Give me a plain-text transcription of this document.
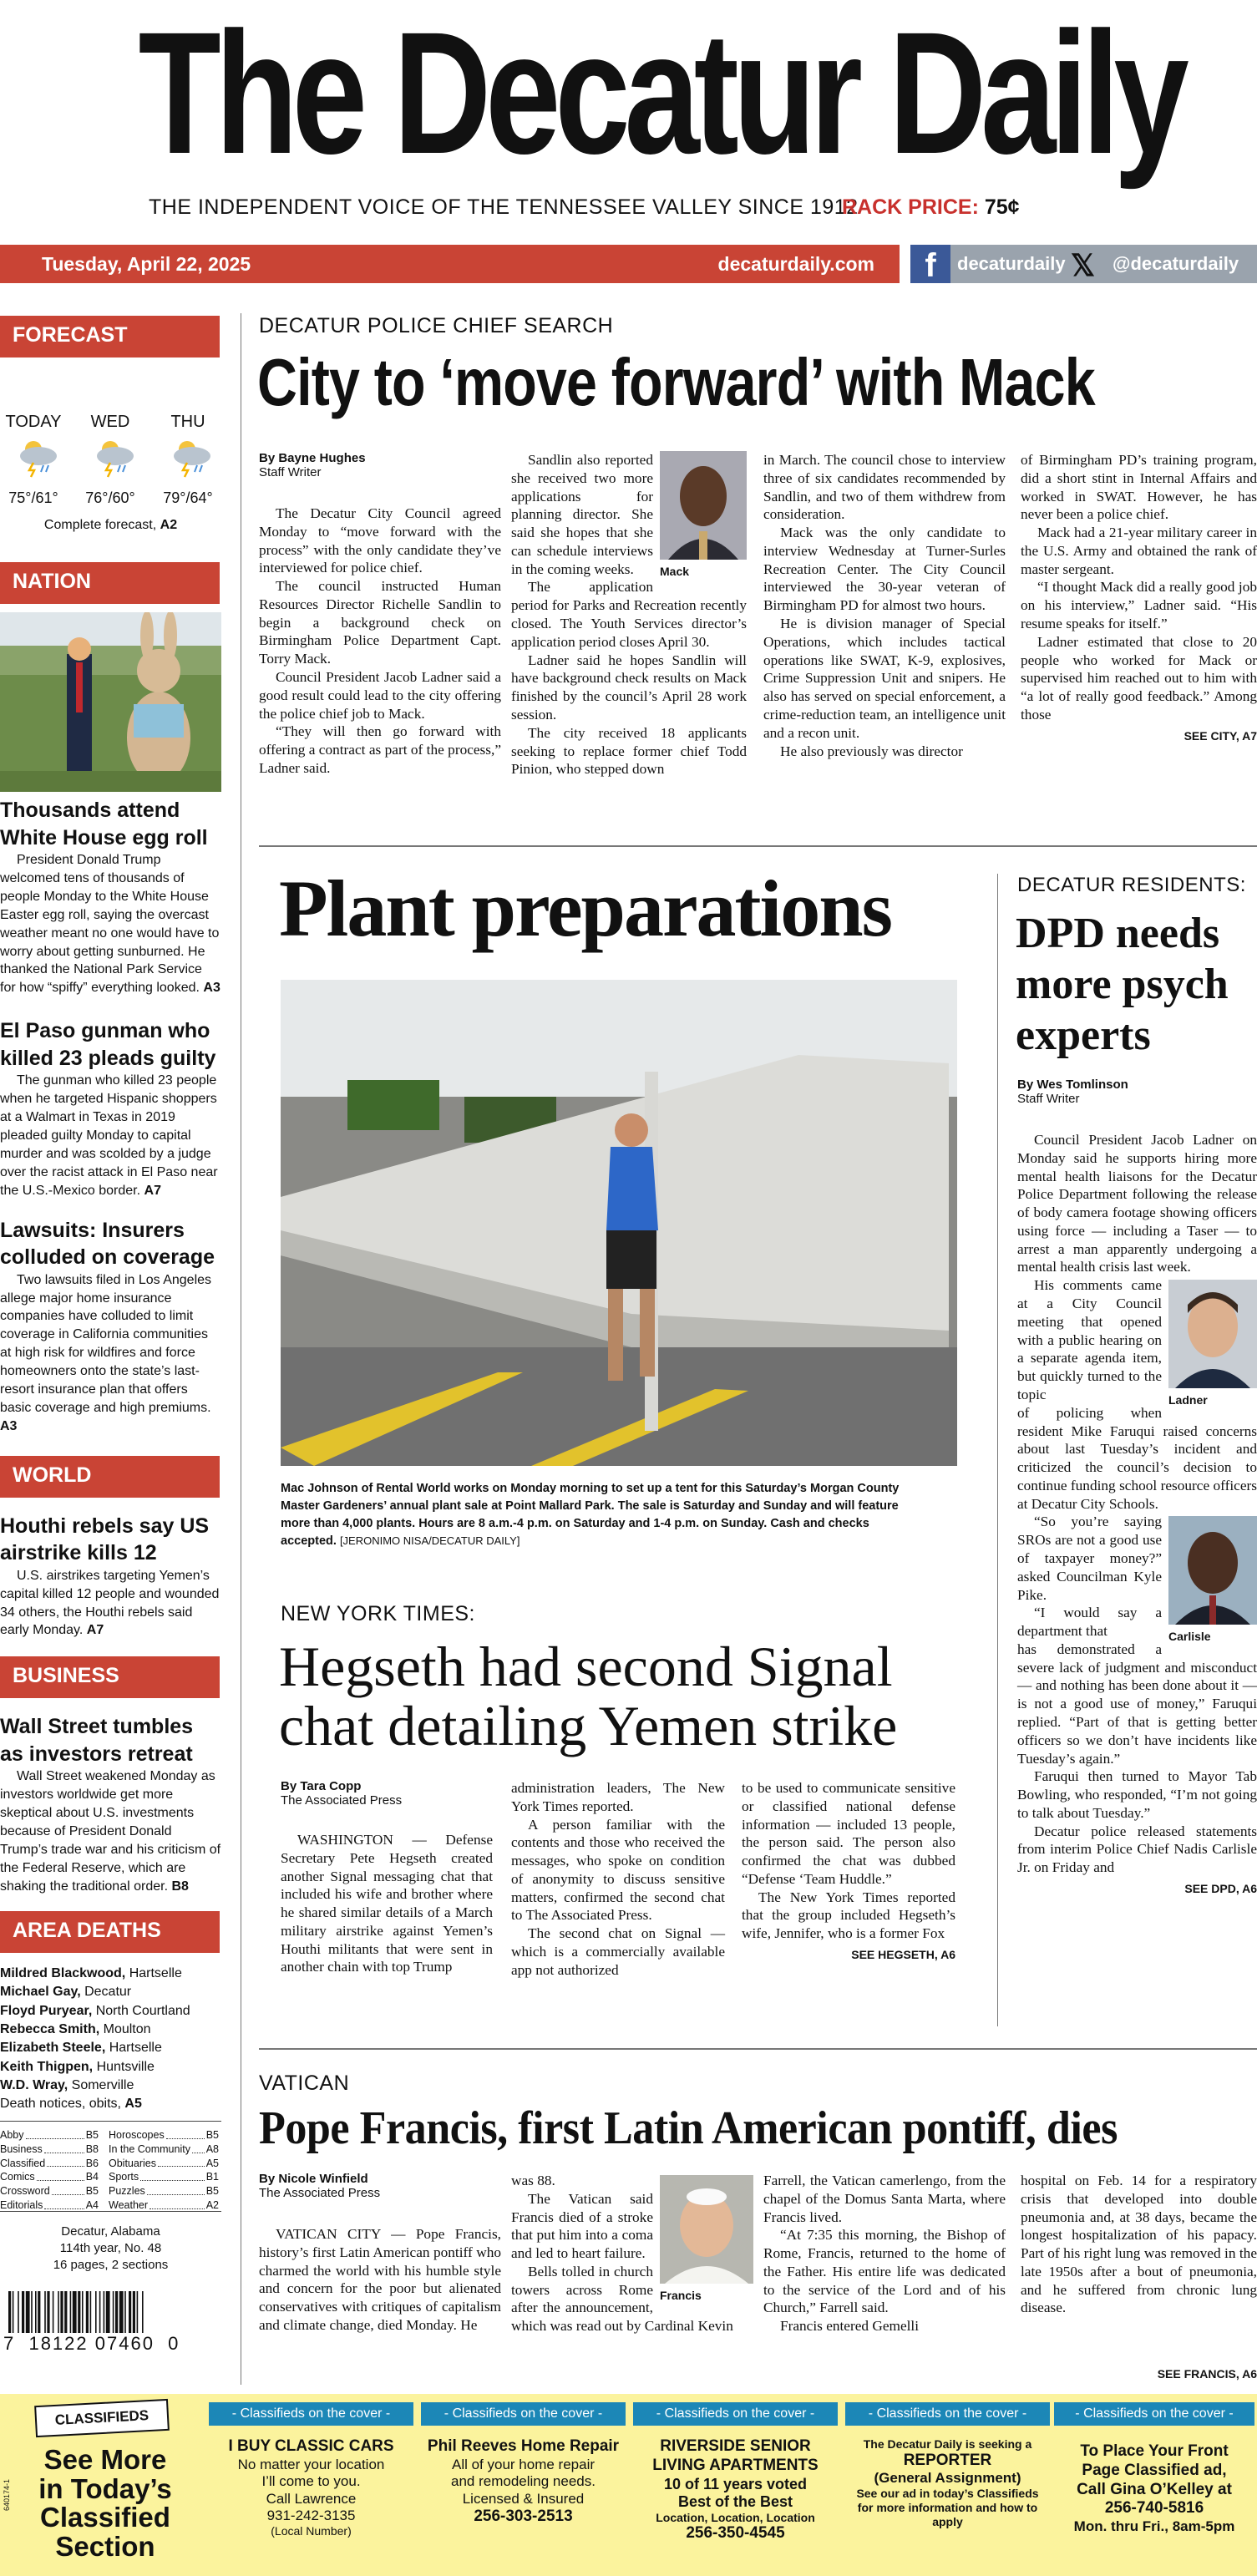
The Decatur Daily
THE INDEPENDENT VOICE OF THE TENNESSEE VALLEY SINCE 1912
RACK PRICE: 75¢
Tuesday, April 22, 2025	decaturdaily.com	f	decaturdaily 𝕏 @decaturdaily
FORECAST
TODAY	WED	THU
75°/61°	76°/60°	79°/64°
Complete forecast, A2
NATION
Thousands attend White House egg roll
President Donald Trump welcomed tens of thousands of people Monday to the White House Easter egg roll, saying the overcast weather meant no one would have to worry about getting sunburned. He thanked the National Park Service for how “spiffy” everything looked. A3
El Paso gunman who killed 23 pleads guilty
The gunman who killed 23 people when he targeted Hispanic shoppers at a Walmart in Texas in 2019 pleaded guilty Monday to capital murder and was scolded by a judge over the racist attack in El Paso near the U.S.-Mexico border. A7
Lawsuits: Insurers colluded on coverage
Two lawsuits filed in Los Angeles allege major home insurance companies have colluded to limit coverage in California communities at high risk for wildfires and force homeowners onto the state’s last-resort insurance plan that offers basic coverage and high premiums. A3
WORLD
Houthi rebels say US airstrike kills 12
U.S. airstrikes targeting Yemen’s capital killed 12 people and wounded 34 others, the Houthi rebels said early Monday. A7
BUSINESS
Wall Street tumbles as investors retreat
Wall Street weakened Monday as investors worldwide get more skeptical about U.S. investments because of President Donald Trump’s trade war and his criticism of the Federal Reserve, which are shaking the traditional order. B8
AREA DEATHS
Mildred Blackwood, Hartselle
Michael Gay, Decatur
Floyd Puryear, North Courtland
Rebecca Smith, Moulton
Elizabeth Steele, Hartselle
Keith Thigpen, Huntsville
W.D. Wray, Somerville
Death notices, obits, A5
Abby	B5
Business	B8
Classified	B6
Comics	B4
Crossword	B5
Editorials	A4
Horoscopes	B5
In the Community A8
Obituaries	A5
Sports	B1
Puzzles	B5
Weather	A2
Decatur, Alabama
114th year, No. 48
16 pages, 2 sections
7  18122 07460  0
DECATUR POLICE CHIEF SEARCH
City to ‘move forward’ with Mack
By Bayne Hughes
Staff Writer

The Decatur City Council agreed Monday to “move forward with the process” with the only candidate they’ve interviewed for police chief.

The council instructed Human Resources Director Richelle Sandlin to begin a background check on Birmingham Police Department Capt. Torry Mack.

Council President Jacob Ladner said a good result could lead to the city offering the police chief job to Mack.

“They will then go forward with offering a contract as part of the process,” Ladner said.

Mack

Sandlin also reported she received two more applications for planning director. She said she hopes that she can schedule interviews in the coming weeks.

The application period for Parks and Recreation recently closed. The Youth Services director’s application period closes April 30.

Ladner said he hopes Sandlin will have background check results on Mack finished by the council’s April 28 work session.

The city received 18 applicants seeking to replace former chief Todd Pinion, who stepped down

in March. The council chose to interview three of six candidates recommended by Sandlin, and two of them withdrew from consideration.

Mack was the only candidate to interview Wednesday at Turner-Surles Recreation Center. The City Council interviewed the 30-year veteran of Birmingham PD for almost two hours.

He is division manager of Special Operations, which includes tactical operations like SWAT, K-9, explosives, Crime Suppression Unit and snipers. He also has served on special enforcement, a crime-reduction team, an intelligence unit and a recon unit.

He also previously was director

of Birmingham PD’s training program, did a short stint in Internal Affairs and worked in SWAT. However, he has never been a police chief.

Mack had a 21-year military career in the U.S. Army and obtained the rank of master sergeant.

“I thought Mack did a really good job on his interview,” Ladner said. “His resume speaks for itself.”

Ladner estimated that close to 20 people who worked for Mack or supervised him reached out to him with “a lot of really good feedback.” Among those

SEE CITY, A7
Plant preparations
Mac Johnson of Rental World works on Monday morning to set up a tent for this Saturday’s Morgan County Master Gardeners’ annual plant sale at Point Mallard Park. The sale is Saturday and Sunday and will feature more than 4,000 plants. Hours are 8 a.m.-4 p.m. on Saturday and 1-4 p.m. on Sunday. Cash and checks accepted. [JERONIMO NISA/DECATUR DAILY]
NEW YORK TIMES:
Hegseth had second Signal chat detailing Yemen strike
By Tara Copp
The Associated Press

WASHINGTON — Defense Secretary Pete Hegseth created another Signal messaging chat that included his wife and brother where he shared similar details of a March military airstrike against Yemen’s Houthi militants that were sent in another chain with top Trump

administration leaders, The New York Times reported.

A person familiar with the contents and those who received the messages, who spoke on condition of anonymity to discuss sensitive matters, confirmed the second chat to The Associated Press.

The second chat on Signal — which is a commercially available app not authorized

to be used to communicate sensitive or classified national defense information — included 13 people, the person said. The person also confirmed the chat was dubbed “Defense ‘Team Huddle.”

The New York Times reported that the group included Hegseth’s wife, Jennifer, who is a former Fox

SEE HEGSETH, A6
DECATUR RESIDENTS:
DPD needs more psych experts
By Wes Tomlinson
Staff Writer

Council President Jacob Ladner on Monday said he supports hiring more mental health liaisons for the Decatur Police Department following the release of body camera footage showing officers using force — including a Taser — to arrest a man apparently undergoing a mental health crisis last week.

Ladner

His comments came at a City Council meeting that opened with a public hearing on a separate agenda item, but quickly turned to the topic

of policing when resident Mike Faruqui raised concerns about last Tuesday’s incident and criticized the council’s decision to continue funding school resource officers at Decatur City Schools.

Carlisle

“So you’re saying SROs are not a good use of taxpayer money?” asked Councilman Kyle Pike.

“I would say a department that

has demonstrated a severe lack of judgment and misconduct — and nothing has been done about it — is not a good use of money,” Faruqui replied. “Part of that is getting better officers so we don’t have incidents like Tuesday’s again.”

Faruqui then turned to Mayor Tab Bowling, who responded, “I’m not going to talk about Tuesday.”

Decatur police released statements from interim Police Chief Nadis Carlisle Jr. on Friday and

SEE DPD, A6
VATICAN
Pope Francis, first Latin American pontiff, dies
By Nicole Winfield
The Associated Press

VATICAN CITY — Pope Francis, history’s first Latin American pontiff who charmed the world with his humble style and concern for the poor but alienated conservatives with critiques of capitalism and climate change, died Monday. He

Francis

was 88.

The Vatican said Francis died of a stroke that put him into a coma and led to heart failure.

Bells tolled in church towers across Rome after the announcement, which was read out by Cardinal Kevin

Farrell, the Vatican camerlengo, from the chapel of the Domus Santa Marta, where Francis lived.

“At 7:35 this morning, the Bishop of Rome, Francis, returned to the home of the Father. His entire life was dedicated to the service of the Lord and of his Church,” Farrell said.

Francis entered Gemelli

hospital on Feb. 14 for a respiratory crisis that developed into double pneumonia and, at 38 days, became the longest hospitalization of his papacy. Part of his right lung was removed in the late 1950s after a bout of pneumonia, and he suffered from chronic lung disease.

SEE FRANCIS, A6
CLASSIFIEDS
See More
in Today’s
Classified
Section
640174-1
- Classifieds on the cover -
I BUY CLASSIC CARS
No matter your location
I’ll come to you.
Call Lawrence
931-242-3135
(Local Number)
- Classifieds on the cover -
Phil Reeves Home Repair
All of your home repair
and remodeling needs.
Licensed & Insured
256-303-2513
- Classifieds on the cover -
RIVERSIDE SENIOR LIVING APARTMENTS
10 of 11 years voted
Best of the Best
Location, Location, Location
256-350-4545
- Classifieds on the cover -
The Decatur Daily is seeking a
REPORTER
(General Assignment)
See our ad in today’s Classifieds for more information and how to apply
- Classifieds on the cover -
To Place Your Front Page Classified ad, Call Gina O’Kelley at 256-740-5816
Mon. thru Fri., 8am-5pm
